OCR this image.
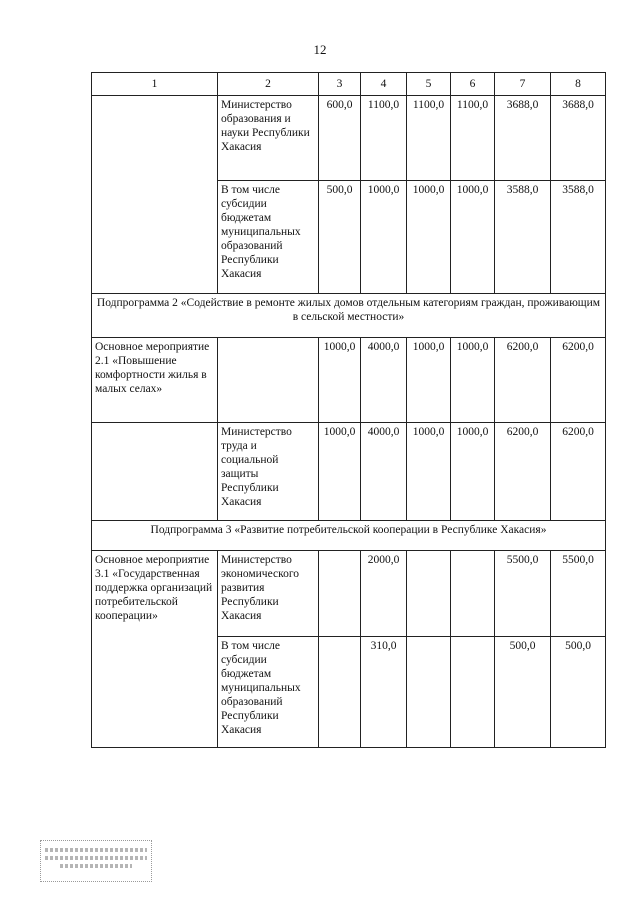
12
1	2	3	4	5	6	7	8
	Министерство образования и науки Республики Хакасия	600,0	1100,0	1100,0	1100,0	3688,0	3688,0
	В том числе субсидии бюджетам муниципальных образований Республики Хакасия	500,0	1000,0	1000,0	1000,0	3588,0	3588,0
Подпрограмма 2 «Содействие в ремонте жилых домов отдельным категориям граждан, проживающим в сельской местности»							
Основное мероприятие 2.1 «Повышение комфортности жилья в малых селах»		1000,0	4000,0	1000,0	1000,0	6200,0	6200,0
	Министерство труда и социальной защиты Республики Хакасия	1000,0	4000,0	1000,0	1000,0	6200,0	6200,0
Подпрограмма 3 «Развитие потребительской кооперации в Республике Хакасия»							
Основное мероприятие 3.1 «Государственная поддержка организаций потребительской кооперации»	Министерство экономического развития Республики Хакасия		2000,0			5500,0	5500,0
	В том числе субсидии бюджетам муниципальных образований Республики Хакасия		310,0			500,0	500,0
